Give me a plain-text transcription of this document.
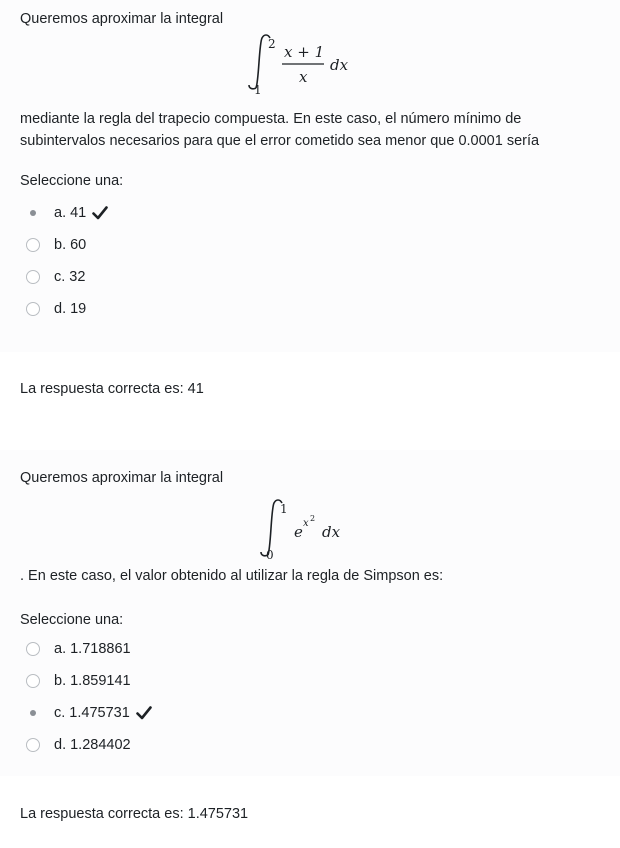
Queremos aproximar la integral

2
1
x + 1
x
dx

mediante la regla del trapecio compuesta. En este caso, el número mínimo de subintervalos necesarios para que el error cometido sea menor que 0.0001 sería

Seleccione una:

a. 41
b. 60
c. 32
d. 19

La respuesta correcta es: 41

Queremos aproximar la integral

1
0
e x 2
dx

. En este caso, el valor obtenido al utilizar la regla de Simpson es:

Seleccione una:

a. 1.718861
b. 1.859141
c. 1.475731
d. 1.284402

La respuesta correcta es: 1.475731
